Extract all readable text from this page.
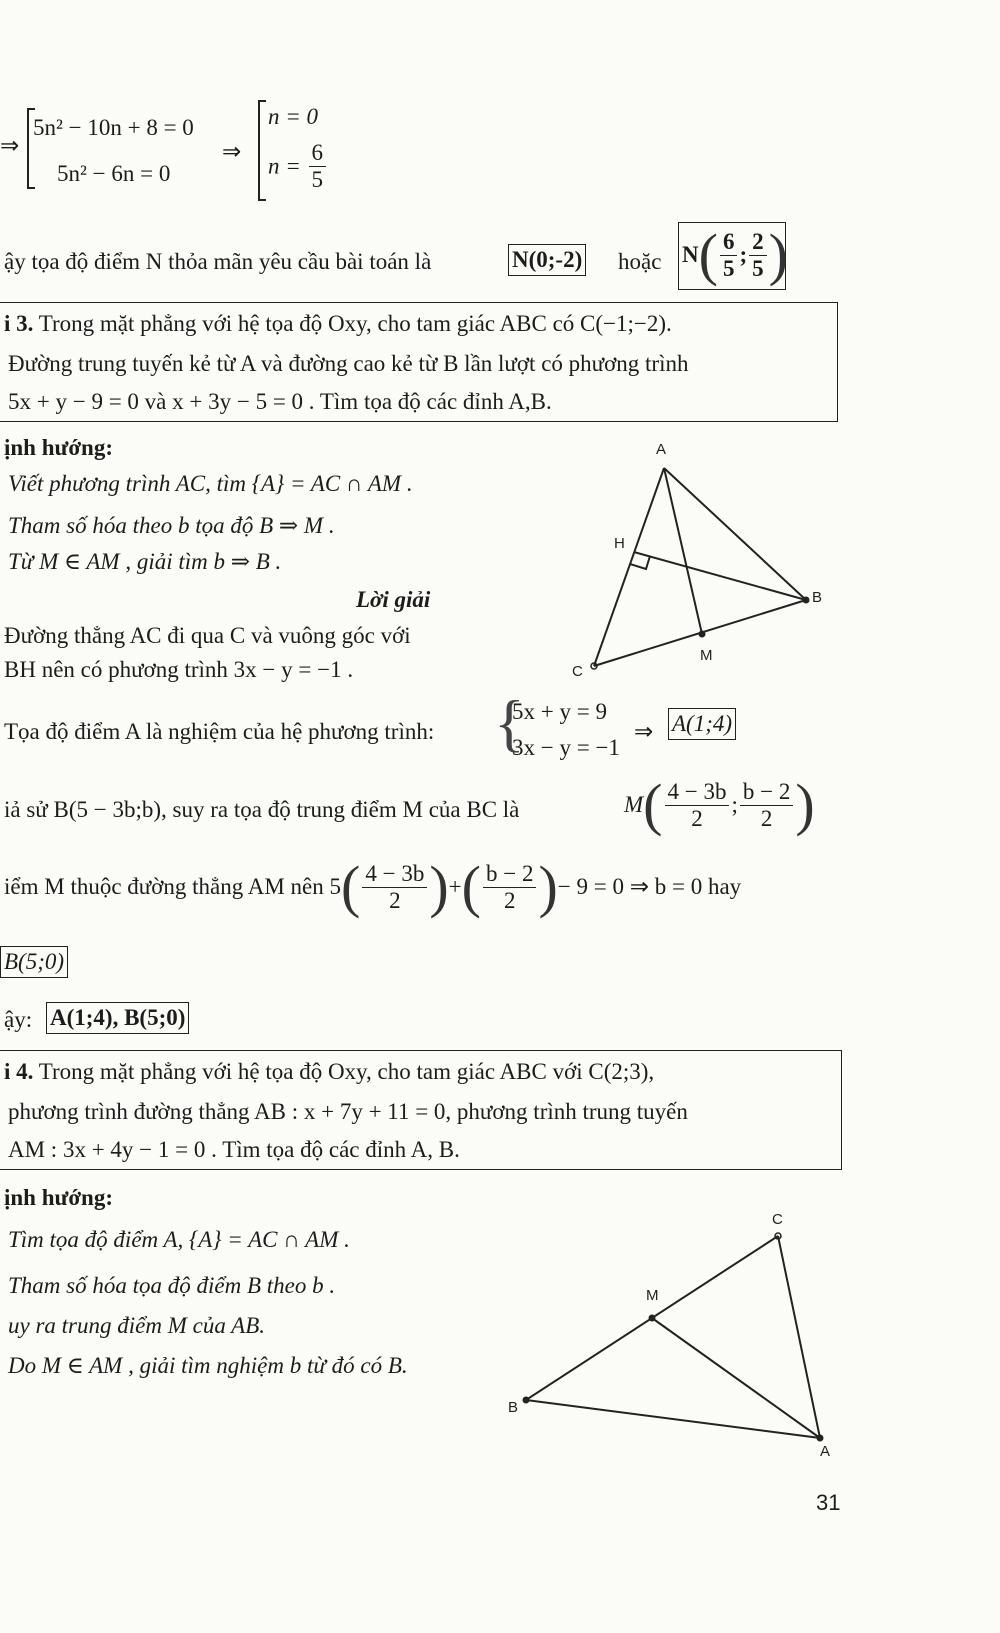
⇒
5n² − 10n + 8 = 0
5n² − 6n = 0
⇒
n = 0
$n = \frac{6}{5}$
ậy tọa độ điểm N thỏa mãn yêu cầu bài toán là	N(0;-2) hoặc $N( \frac{6}{5}$ ; $\frac{2}{5}$ )
i 3. Trong mặt phẳng với hệ tọa độ Oxy, cho tam giác ABC có C(−1;−2).
Đường trung tuyến kẻ từ A và đường cao kẻ từ B lần lượt có phương trình
5x + y − 9 = 0 và x + 3y − 5 = 0 . Tìm tọa độ các đỉnh A,B.
ịnh hướng:
Viết phương trình AC, tìm {A} = AC ∩ AM .
Tham số hóa theo b tọa độ B ⇒ M .
Từ M ∈ AM , giải tìm b ⇒ B .
Lời giải
Đường thẳng AC đi qua C và vuông góc với
BH nên có phương trình 3x − y = −1 .
Tọa độ điểm A là nghiệm của hệ phương trình: {
5x + y = 9
3x − y = −1
⇒ A(1;4)
iả sử B(5 − 3b;b), suy ra tọa độ trung điểm M của BC là	$M( \frac{4 - 3b}{2}$ ; $\frac{b - 2}{2}$ )
iểm M thuộc đường thẳng AM nên $5( \frac{4 - 3b}{2}$ )+( $\frac{b - 2}{2}$ )− 9 = 0 ⇒ b = 0 hay
B(5;0)
ậy: A(1;4), B(5;0)
A
H
B
M
C
i 4. Trong mặt phẳng với hệ tọa độ Oxy, cho tam giác ABC với C(2;3),
phương trình đường thẳng AB : x + 7y + 11 = 0, phương trình trung tuyến
AM : 3x + 4y − 1 = 0 . Tìm tọa độ các đỉnh A, B.
ịnh hướng:
Tìm tọa độ điểm A, {A} = AC ∩ AM .
Tham số hóa tọa độ điểm B theo b .
uy ra trung điểm M của AB.
Do M ∈ AM , giải tìm nghiệm b từ đó có B.
C
M
B
A
31
